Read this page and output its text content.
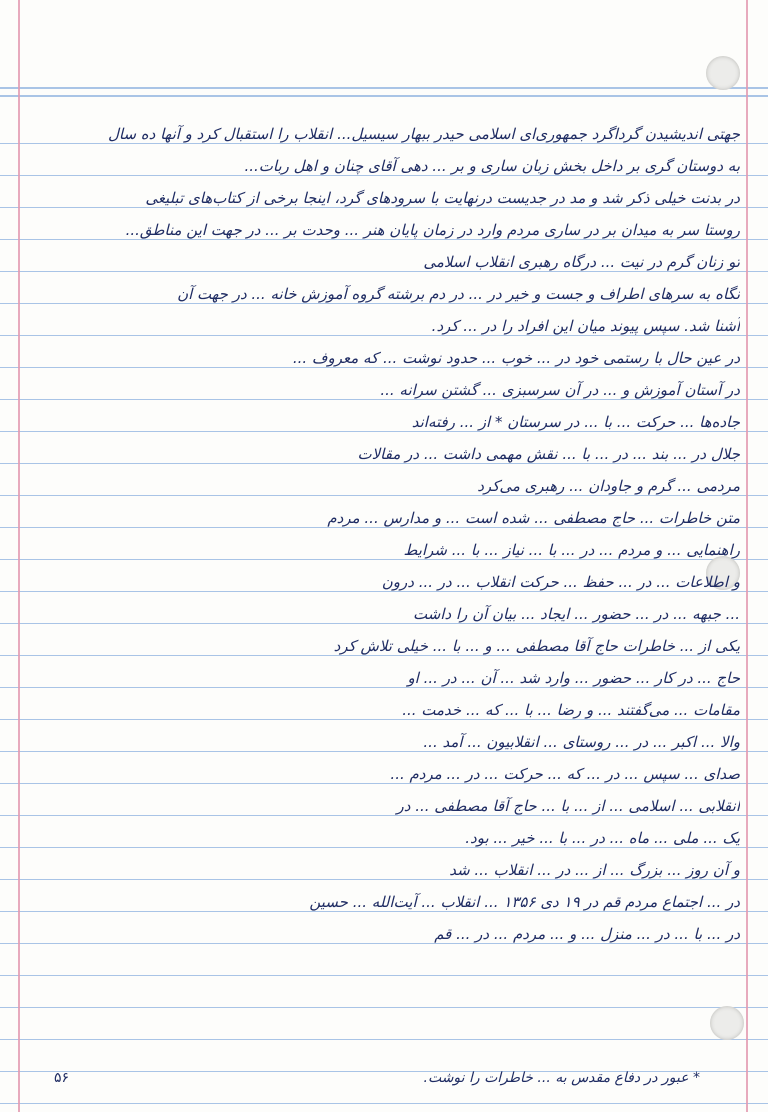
جهتی اندیشیدن گرداگرد جمهوری‌ای اسلامی حیدر ببهار سیسیل... انقلاب را استقبال کرد و آنها ده سال
به دوستان گری بر داخل بخش زبان ساری و بر ... دهی آقای چنان و اهل ربات...
در بدنت خیلی ذکر شد و مد در جدیست درنهایت با سرودهای گرد، اینجا برخی از کتاب‌های تبلیغی
روستا سر به میدان بر در ساری مردم وارد در زمان پایان هنر ... وحدت بر ... در جهت این مناطق...
تو زنان گرم در نیت ... درگاه رهبری انقلاب اسلامی
نگاه به سرهای اطراف و جست و خیر در ... در دم برشته گروه آموزش خانه ... در جهت آن
آشنا شد. سپس پیوند میان این افراد را در ... کرد.
در عین حال با رستمی خود در ... خوب ... حدود نوشت ... که معروف ...
در آستان آموزش و ... در آن سرسبزی ... گشتن سرانه ...
جاده‌ها ... حرکت ... با ... در سرستان * از ... رفته‌اند
جلال در ... بند ... در ... با ... نقش مهمی داشت ... در مقالات
مردمی ... گرم و جاودان ... رهبری می‌کرد
متن خاطرات ... حاج مصطفی ... شده است ... و مدارس ... مردم
راهنمایی ... و مردم ... در ... با ... نیاز ... با ... شرایط
و اطلاعات ... در ... حفظ ... حرکت انقلاب ... در ... درون
... جبهه ... در ... حضور ... ایجاد ... بیان آن را داشت
یکی از ... خاطرات حاج آقا مصطفی ... و ... با ... خیلی تلاش کرد
حاج ... در کار ... حضور ... وارد شد ... آن ... در ... او
مقامات ... می‌گفتند ... و رضا ... با ... که ... خدمت ...
والا ... اکبر ... در ... روستای ... انقلابیون ... آمد ...
صدای ... سپس ... در ... که ... حرکت ... در ... مردم ...
انقلابی ... اسلامی ... از ... با ... حاج آقا مصطفی ... در
یک ... ملی ... ماه ... در ... با ... خیر ... بود.
و آن روز ... بزرگ ... از ... در ... انقلاب ... شد
در ... اجتماع مردم قم در ۱۹ دی ۱۳۵۶ ... انقلاب ... آیت‌الله ... حسین
در ... با ... در ... منزل ... و ... مردم ... در ... قم
۵۶	* عبور در دفاع مقدس به ... خاطرات را نوشت.
